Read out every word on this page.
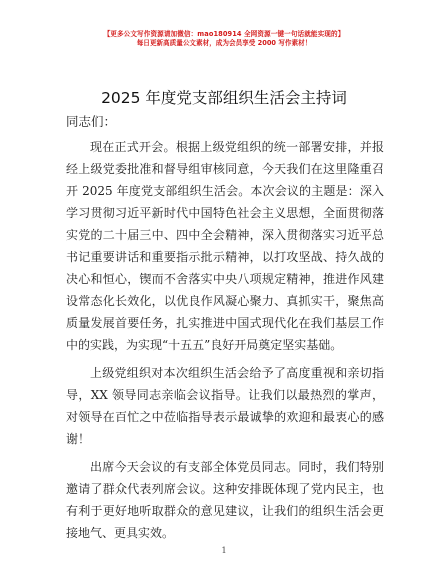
【更多公文写作资源请加微信：mao180914 全网资源一键一句话就能实现的】
每日更新高质量公文素材，成为会员享受 2000 写作素材！
2025 年度党支部组织生活会主持词
同志们：

现在正式开会。根据上级党组织的统一部署安排，并报经上级党委批准和督导组审核同意，今天我们在这里隆重召开 2025 年度党支部组织生活会。本次会议的主题是：深入学习贯彻习近平新时代中国特色社会主义思想，全面贯彻落实党的二十届三中、四中全会精神，深入贯彻落实习近平总书记重要讲话和重要指示批示精神，以打攻坚战、持久战的决心和恒心，锲而不舍落实中央八项规定精神，推进作风建设常态化长效化，以优良作风凝心聚力、真抓实干，聚焦高质量发展首要任务，扎实推进中国式现代化在我们基层工作中的实践，为实现“十五五”良好开局奠定坚实基础。

上级党组织对本次组织生活会给予了高度重视和亲切指导，XX 领导同志亲临会议指导。让我们以最热烈的掌声，对领导在百忙之中莅临指导表示最诚挚的欢迎和最衷心的感谢！

出席今天会议的有支部全体党员同志。同时，我们特别邀请了群众代表列席会议。这种安排既体现了党内民主，也有利于更好地听取群众的意见建议，让我们的组织生活会更接地气、更具实效。

1
